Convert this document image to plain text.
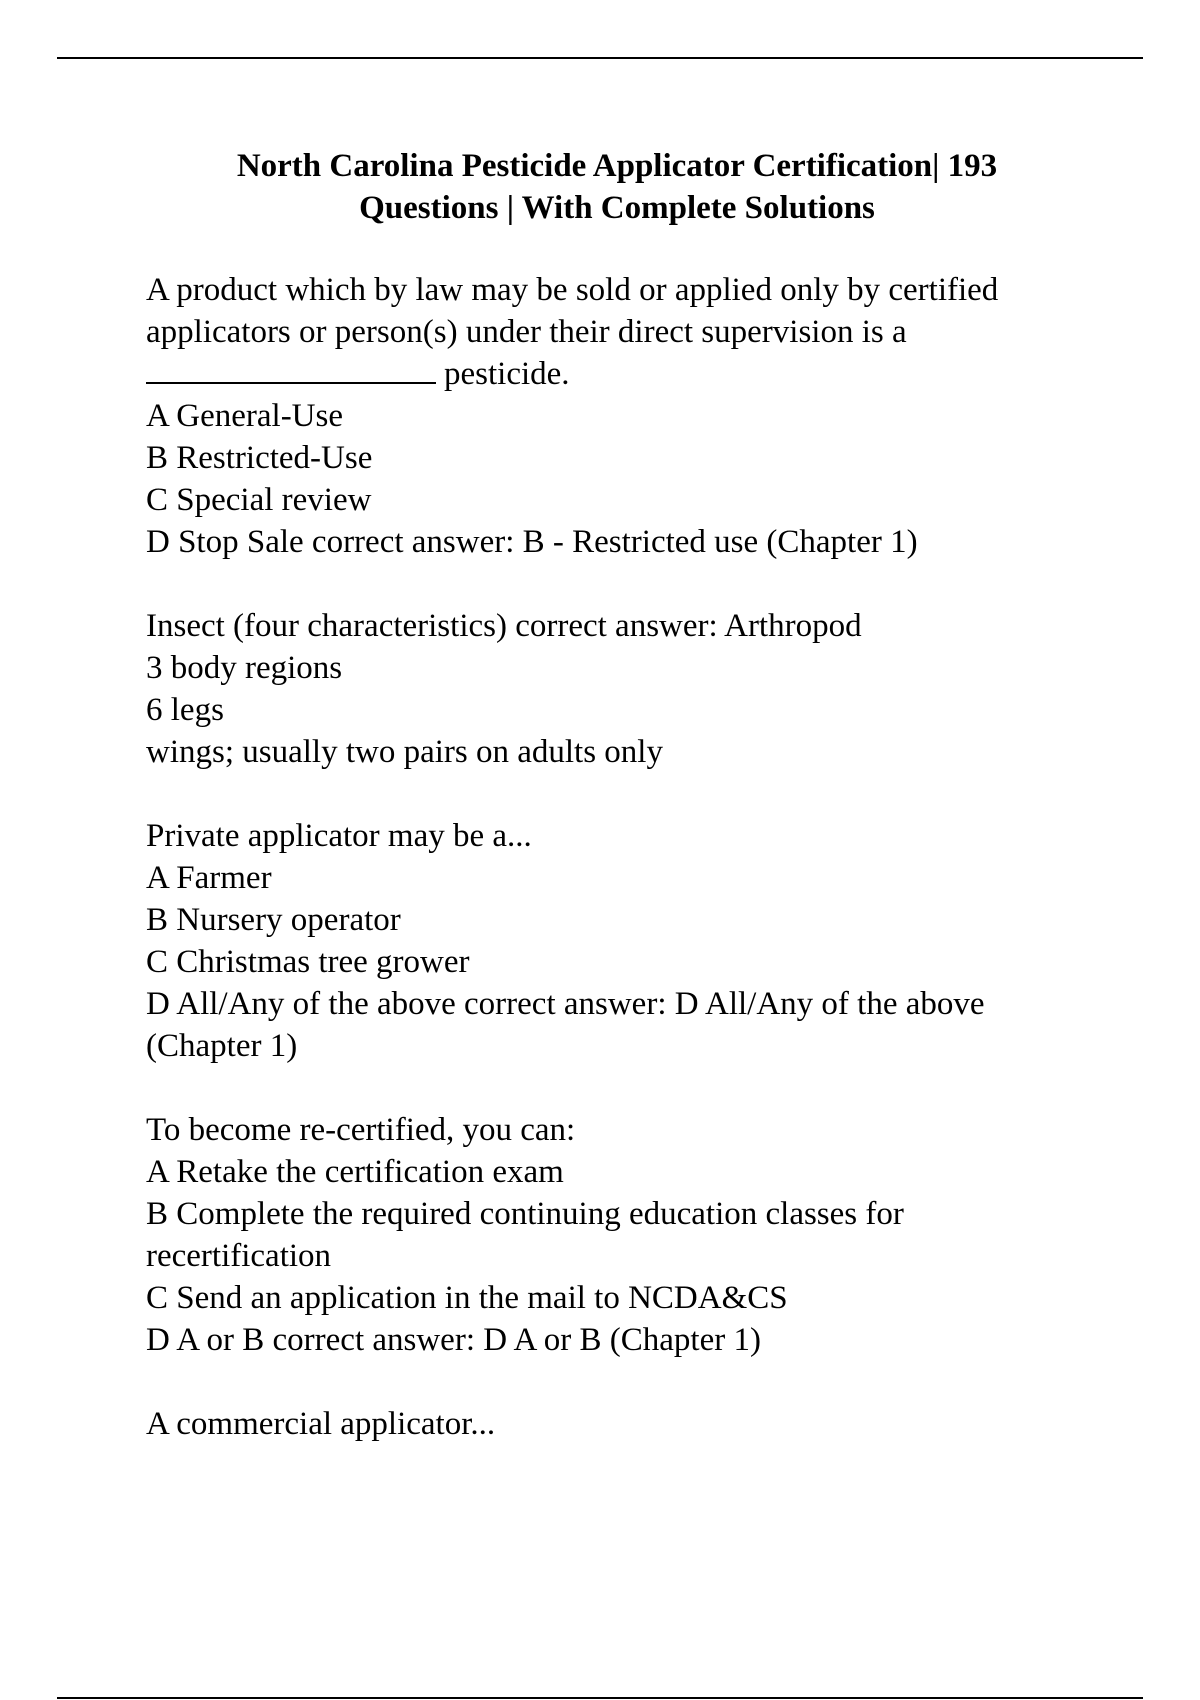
North Carolina Pesticide Applicator Certification| 193
Questions | With Complete Solutions
A product which by law may be sold or applied only by certified
applicators or person(s) under their direct supervision is a
pesticide.
A General-Use
B Restricted-Use
C Special review
D Stop Sale correct answer: B - Restricted use (Chapter 1)
Insect (four characteristics) correct answer: Arthropod
3 body regions
6 legs
wings; usually two pairs on adults only
Private applicator may be a...
A Farmer
B Nursery operator
C Christmas tree grower
D All/Any of the above correct answer: D All/Any of the above
(Chapter 1)
To become re-certified, you can:
A Retake the certification exam
B Complete the required continuing education classes for
recertification
C Send an application in the mail to NCDA&CS
D A or B correct answer: D A or B (Chapter 1)
A commercial applicator...
